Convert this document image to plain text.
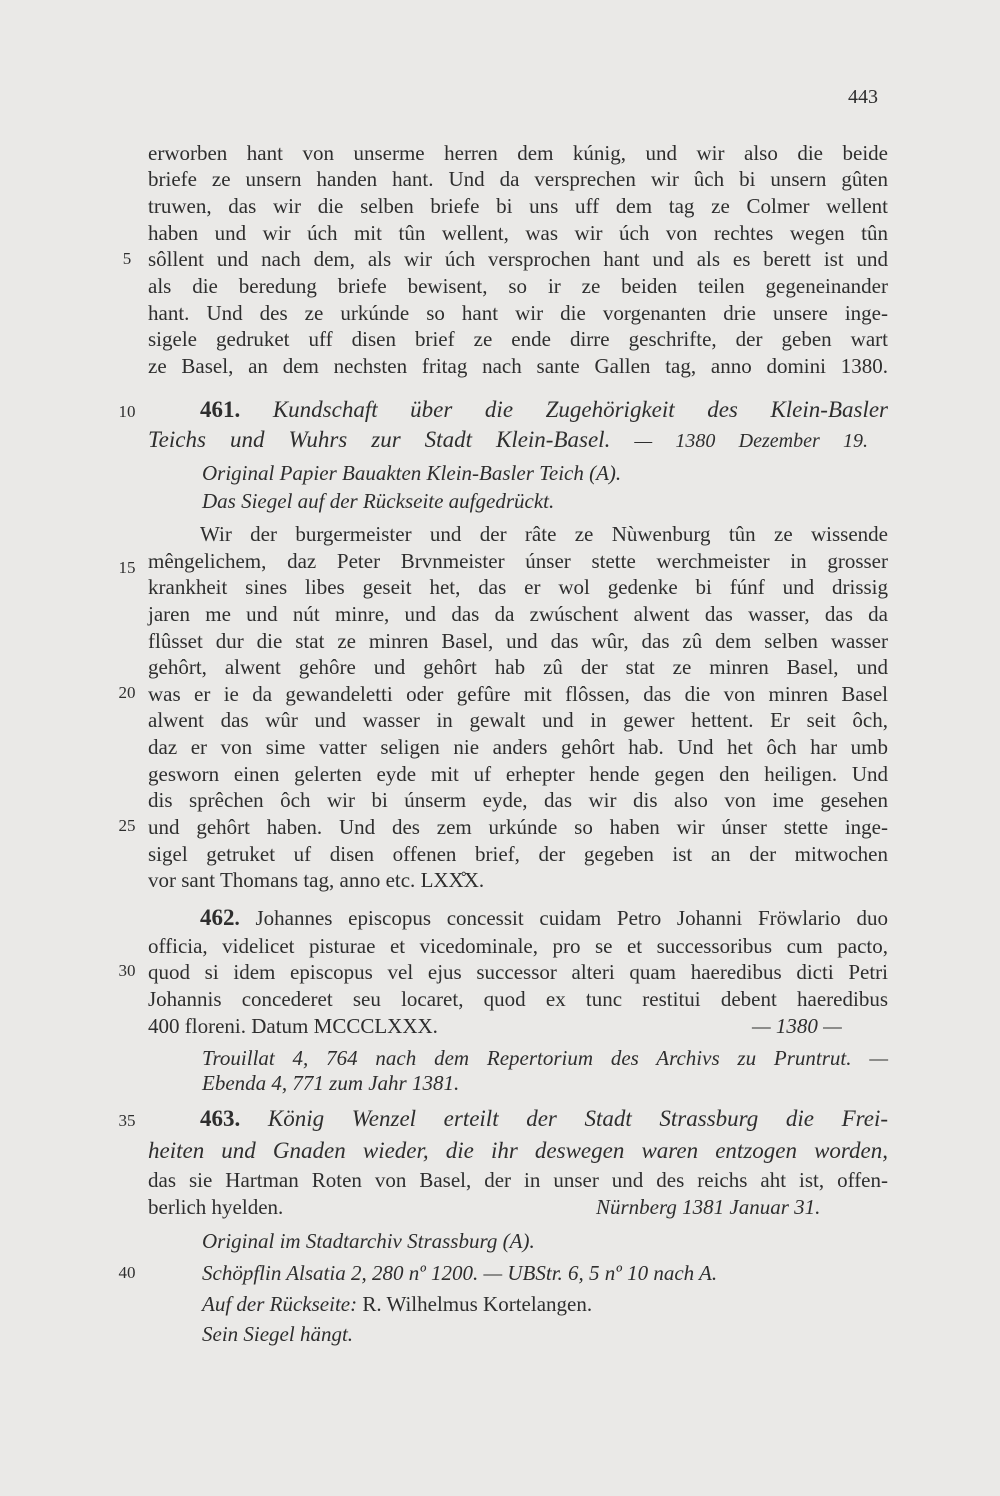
443
5
10
15
20
25
30
35
40
erworben hant von unserme herren dem kúnig, und wir also die beide
briefe ze unsern handen hant. Und da versprechen wir ûch bi unsern gûten
truwen, das wir die selben briefe bi uns uff dem tag ze Colmer wellent
haben und wir úch mit tûn wellent, was wir úch von rechtes wegen tûn
sôllent und nach dem, als wir úch versprochen hant und als es berett ist und
als die beredung briefe bewisent, so ir ze beiden teilen gegeneinander
hant. Und des ze urkúnde so hant wir die vorgenanten drie unsere inge-
sigele gedruket uff disen brief ze ende dirre geschrifte, der geben wart
ze Basel, an dem nechsten fritag nach sante Gallen tag, anno domini 1380.
461. Kundschaft über die Zugehörigkeit des Klein-Basler
Teichs und Wuhrs zur Stadt Klein-Basel. — 1380 Dezember 19.
Original Papier Bauakten Klein-Basler Teich (A).
Das Siegel auf der Rückseite aufgedrückt.
Wir der burgermeister und der râte ze Nùwenburg tûn ze wissende
mêngelichem, daz Peter Brvnmeister únser stette werchmeister in grosser
krankheit sines libes geseit het, das er wol gedenke bi fúnf und drissig
jaren me und nút minre, und das da zwúschent alwent das wasser, das da
flûsset dur die stat ze minren Basel, und das wûr, das zû dem selben wasser
gehôrt, alwent gehôre und gehôrt hab zû der stat ze minren Basel, und
was er ie da gewandeletti oder gefûre mit flôssen, das die von minren Basel
alwent das wûr und wasser in gewalt und in gewer hettent. Er seit ôch,
daz er von sime vatter seligen nie anders gehôrt hab. Und het ôch har umb
gesworn einen gelerten eyde mit uf erhepter hende gegen den heiligen. Und
dis sprêchen ôch wir bi únserm eyde, das wir dis also von ime gesehen
und gehôrt haben. Und des zem urkúnde so haben wir únser stette inge-
sigel getruket uf disen offenen brief, der gegeben ist an der mitwochen
vor sant Thomans tag, anno etc. LXX̊X.
462. Johannes episcopus concessit cuidam Petro Johanni Fröwlario duo
officia, videlicet pisturae et vicedominale, pro se et successoribus cum pacto,
quod si idem episcopus vel ejus successor alteri quam haeredibus dicti Petri
Johannis concederet seu locaret, quod ex tunc restitui debent haeredibus
400 floreni. Datum MCCCLXXX.	— 1380 —
Trouillat 4, 764 nach dem Repertorium des Archivs zu Pruntrut. —
Ebenda 4, 771 zum Jahr 1381.
463. König Wenzel erteilt der Stadt Strassburg die Frei-
heiten und Gnaden wieder, die ihr deswegen waren entzogen worden,
das sie Hartman Roten von Basel, der in unser und des reichs aht ist, offen-
berlich hyelden.	Nürnberg 1381 Januar 31.
Original im Stadtarchiv Strassburg (A).
Schöpflin Alsatia 2, 280 nº 1200. — UBStr. 6, 5 nº 10 nach A.
Auf der Rückseite: R. Wilhelmus Kortelangen.
Sein Siegel hängt.
